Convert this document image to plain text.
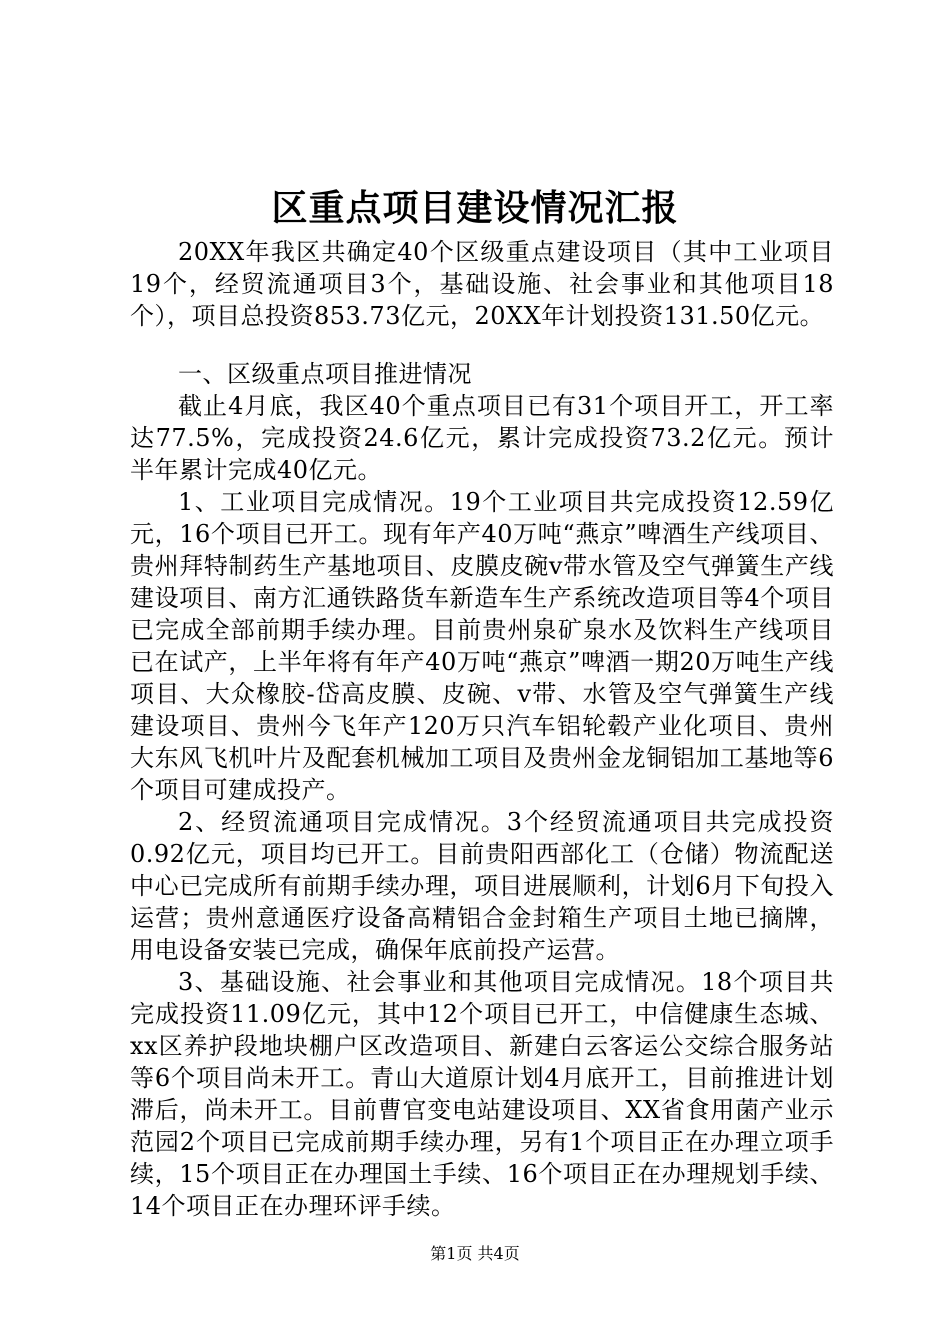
区重点项目建设情况汇报

20XX年我区共确定40个区级重点建设项目（其中工业项目19个，经贸流通项目3个，基础设施、社会事业和其他项目18个），项目总投资853.73亿元，20XX年计划投资131.50亿元。

一、区级重点项目推进情况

截止4月底，我区40个重点项目已有31个项目开工，开工率达77.5%，完成投资24.6亿元，累计完成投资73.2亿元。预计半年累计完成40亿元。

1、工业项目完成情况。19个工业项目共完成投资12.59亿元，16个项目已开工。现有年产40万吨“燕京”啤酒生产线项目、贵州拜特制药生产基地项目、皮膜皮碗v带水管及空气弹簧生产线建设项目、南方汇通铁路货车新造车生产系统改造项目等4个项目已完成全部前期手续办理。目前贵州泉矿泉水及饮料生产线项目已在试产，上半年将有年产40万吨“燕京”啤酒一期20万吨生产线项目、大众橡胶-岱高皮膜、皮碗、v带、水管及空气弹簧生产线建设项目、贵州今飞年产120万只汽车铝轮毂产业化项目、贵州大东风飞机叶片及配套机械加工项目及贵州金龙铜铝加工基地等6个项目可建成投产。

2、经贸流通项目完成情况。3个经贸流通项目共完成投资0.92亿元，项目均已开工。目前贵阳西部化工（仓储）物流配送中心已完成所有前期手续办理，项目进展顺利，计划6月下旬投入运营；贵州意通医疗设备高精铝合金封箱生产项目土地已摘牌，用电设备安装已完成，确保年底前投产运营。

3、基础设施、社会事业和其他项目完成情况。18个项目共完成投资11.09亿元，其中12个项目已开工，中信健康生态城、xx区养护段地块棚户区改造项目、新建白云客运公交综合服务站等6个项目尚未开工。青山大道原计划4月底开工，目前推进计划滞后，尚未开工。目前曹官变电站建设项目、XX省食用菌产业示范园2个项目已完成前期手续办理，另有1个项目正在办理立项手续，15个项目正在办理国土手续、16个项目正在办理规划手续、14个项目正在办理环评手续。

第1页 共4页
